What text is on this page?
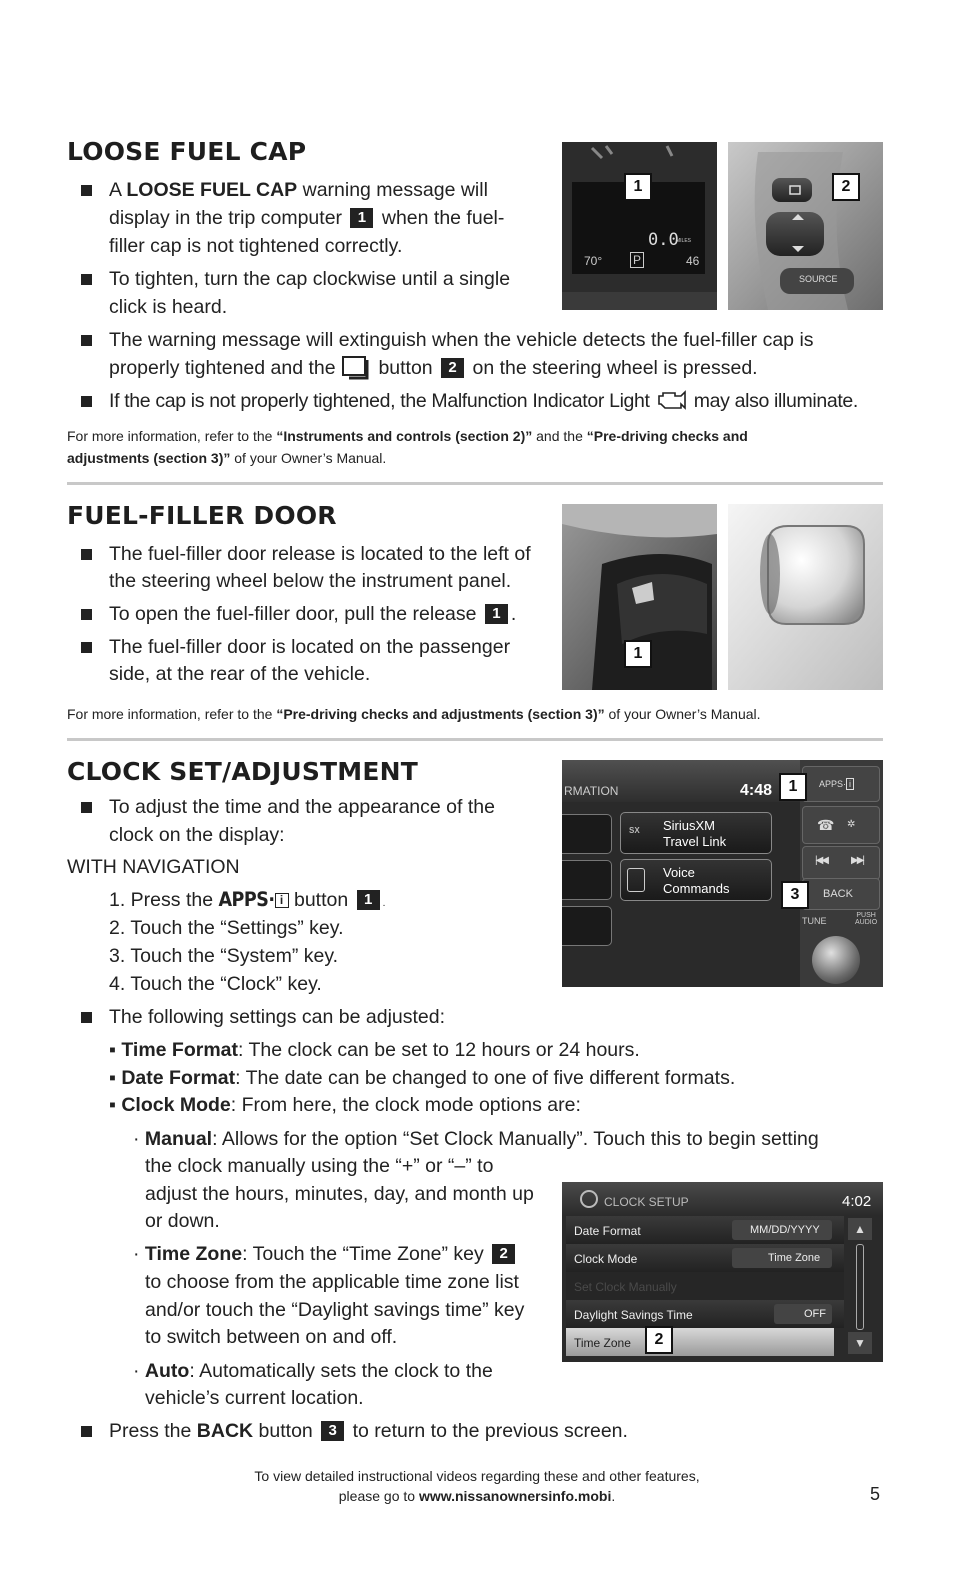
LOOSE FUEL CAP
A LOOSE FUEL CAP warning message will
display in the trip computer 1 when the fuel-
filler cap is not tightened correctly.
To tighten, turn the cap clockwise until a single
click is heard.
The warning message will extinguish when the vehicle detects the fuel-filler cap is
properly tightened and the button 2 on the steering wheel is pressed.
If the cap is not properly tightened, the Malfunction Indicator Light may also illuminate.
For more information, refer to the “Instruments and controls (section 2)” and the “Pre-driving checks and
adjustments (section 3)” of your Owner’s Manual.
1
0.0
MILES
70°	P	46
SOURCE
2
FUEL-FILLER DOOR
The fuel-filler door release is located to the left of
the steering wheel below the instrument panel.
To open the fuel-filler door, pull the release 1 .
The fuel-filler door is located on the passenger
side, at the rear of the vehicle.
For more information, refer to the “Pre-driving checks and adjustments (section 3)” of your Owner’s Manual.
1
CLOCK SET/ADJUSTMENT
To adjust the time and the appearance of the
clock on the display:
WITH NAVIGATION
1. Press the APPS· i button 1 .
2. Touch the “Settings” key.
3. Touch the “System” key.
4. Touch the “Clock” key.
The following settings can be adjusted:
▪ Time Format: The clock can be set to 12 hours or 24 hours.
▪ Date Format: The date can be changed to one of five different formats.
▪ Clock Mode: From here, the clock mode options are:
· Manual: Allows for the option “Set Clock Manually”. Touch this to begin setting
the clock manually using the “+” or “–” to
adjust the hours, minutes, day, and month up
or down.
· Time Zone: Touch the “Time Zone” key 2
to choose from the applicable time zone list
and/or touch the “Daylight savings time” key
to switch between on and off.
· Auto: Automatically sets the clock to the
vehicle’s current location.
Press the BACK button 3 to return to the previous screen.
RMATION	4:48
SX SiriusXM
Travel Link
Voice
Commands
APPS· i
☎ ✲
|◀◀ ▶▶|
BACK
TUNE
PUSH
AUDIO
1
3
CLOCK SETUP	4:02
Date Format	MM/DD/YYYY
Clock Mode	Time Zone
Set Clock Manually
Daylight Savings Time	OFF
Time Zone	2
▲
▼
To view detailed instructional videos regarding these and other features,
please go to www.nissanownersinfo.mobi.	5
